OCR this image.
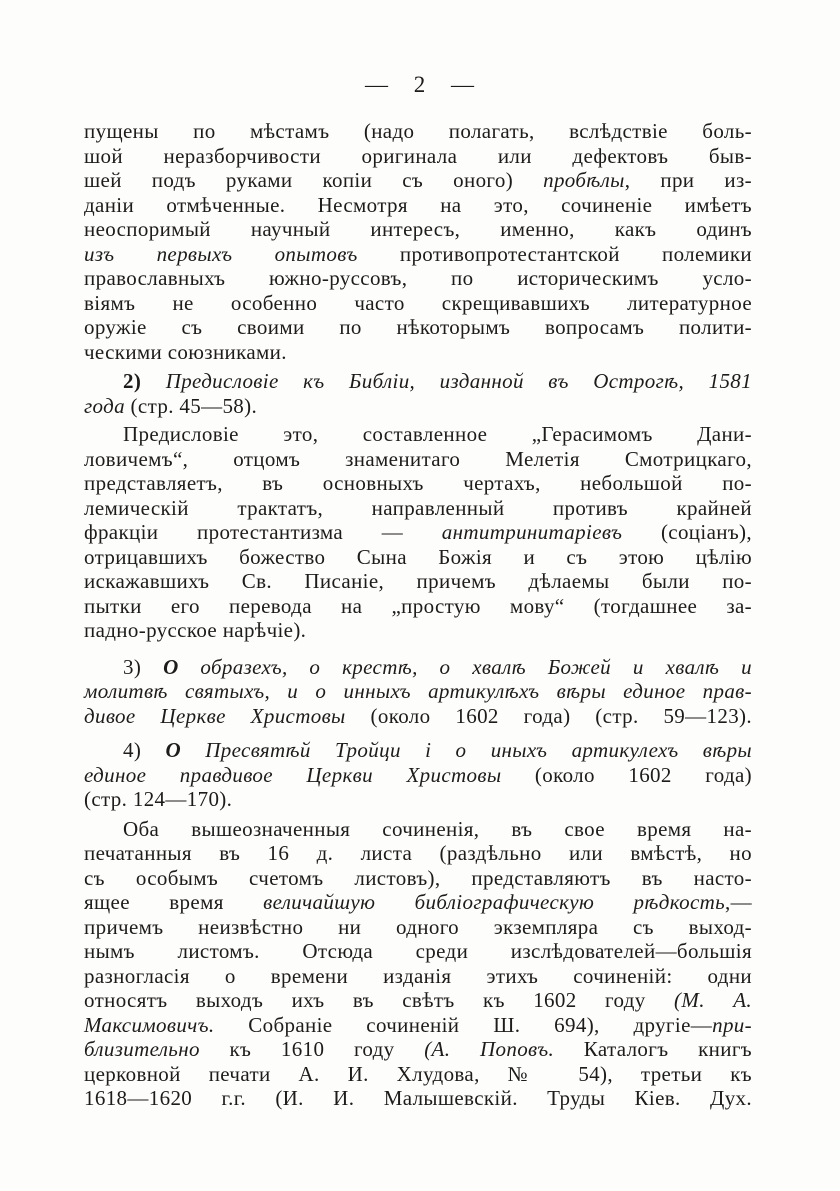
— 2 —
пущены по мѣстамъ (надо полагать, вслѣдствіе боль-
шой неразборчивости оригинала или дефектовъ быв-
шей подъ руками копіи съ оного) пробѣлы, при из-
даніи отмѣченные. Несмотря на это, сочиненіе имѣетъ
неоспоримый научный интересъ, именно, какъ одинъ
изъ первыхъ опытовъ противопротестантской полемики
православныхъ южно-руссовъ, по историческимъ усло-
віямъ не особенно часто скрещивавшихъ литературное
оружіе съ своими по нѣкоторымъ вопросамъ полити-
ческими союзниками.
2) Предисловіе къ Библіи, изданной въ Острогѣ, 1581
года (стр. 45—58).
Предисловіе это, составленное „Герасимомъ Дани-
ловичемъ“, отцомъ знаменитаго Мелетія Смотрицкаго,
представляетъ, въ основныхъ чертахъ, небольшой по-
лемическій трактатъ, направленный противъ крайней
фракціи протестантизма — антитринитаріевъ (соціанъ),
отрицавшихъ божество Сына Божія и съ этою цѣлію
искажавшихъ Св. Писаніе, причемъ дѣлаемы были по-
пытки его перевода на „простую мову“ (тогдашнее за-
падно-русское нарѣчіе).
3) О образехъ, о крестѣ, о хвалѣ Божей и хвалѣ и
молитвѣ святыхъ, и о инныхъ артикулѣхъ вѣры единое прав-
дивое Церкве Христовы (около 1602 года) (стр. 59—123).
4) О Пресвятѣй Тройци і о иныхъ артикулехъ вѣры
единое правдивое Церкви Христовы (около 1602 года)
(стр. 124—170).
Оба вышеозначенныя сочиненія, въ свое время на-
печатанныя въ 16 д. листа (раздѣльно или вмѣстѣ, но
съ особымъ счетомъ листовъ), представляютъ въ насто-
ящее время величайшую библіографическую рѣдкость,—
причемъ неизвѣстно ни одного экземпляра съ выход-
нымъ листомъ. Отсюда среди изслѣдователей—большія
разногласія о времени изданія этихъ сочиненій: одни
относятъ выходъ ихъ въ свѣтъ къ 1602 году (М. А.
Максимовичъ. Собраніе сочиненій Ш. 694), другіе—при-
близительно къ 1610 году (А. Поповъ. Каталогъ книгъ
церковной печати А. И. Хлудова, № 54), третьи къ
1618—1620 г.г. (И. И. Малышевскій. Труды Кіев. Дух.
